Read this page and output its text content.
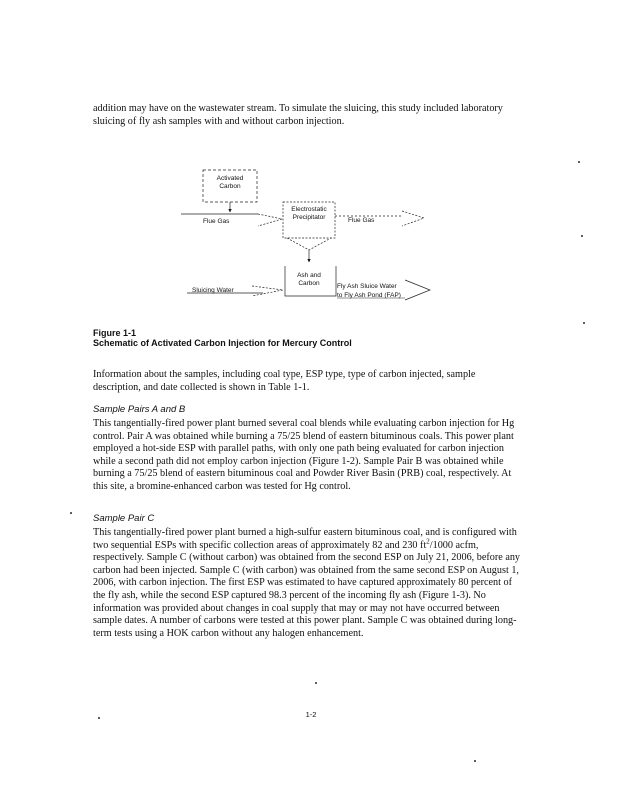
addition may have on the wastewater stream. To simulate the sluicing, this study included laboratory sluicing of fly ash samples with and without carbon injection.

Activated
Carbon
Flue Gas
Electrostatic
Precipitator	Flue Gas
Ash and
Carbon
Sluicing Water
Fly Ash Sluice Water
to Fly Ash Pond (FAP)

Figure 1-1

Schematic of Activated Carbon Injection for Mercury Control

Information about the samples, including coal type, ESP type, type of carbon injected, sample description, and date collected is shown in Table 1-1.

Sample Pairs A and B

This tangentially-fired power plant burned several coal blends while evaluating carbon injection for Hg control. Pair A was obtained while burning a 75/25 blend of eastern bituminous coals. This power plant employed a hot-side ESP with parallel paths, with only one path being evaluated for carbon injection while a second path did not employ carbon injection (Figure 1-2). Sample Pair B was obtained while burning a 75/25 blend of eastern bituminous coal and Powder River Basin (PRB) coal, respectively. At this site, a bromine-enhanced carbon was tested for Hg control.

Sample Pair C

This tangentially-fired power plant burned a high-sulfur eastern bituminous coal, and is configured with two sequential ESPs with specific collection areas of approximately 82 and 230 $ft^2/1000$ acfm, respectively. Sample C (without carbon) was obtained from the second ESP on July 21, 2006, before any carbon had been injected. Sample C (with carbon) was obtained from the same second ESP on August 1, 2006, with carbon injection. The first ESP was estimated to have captured approximately 80 percent of the fly ash, while the second ESP captured 98.3 percent of the incoming fly ash (Figure 1-3). No information was provided about changes in coal supply that may or may not have occurred between sample dates. A number of carbons were tested at this power plant. Sample C was obtained during long-term tests using a HOK carbon without any halogen enhancement.

1-2
